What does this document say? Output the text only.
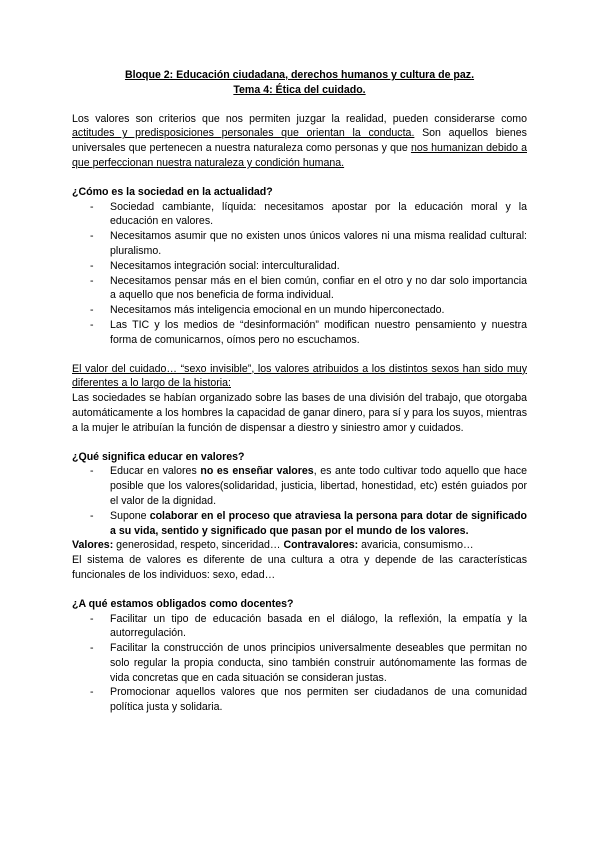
Bloque 2: Educación ciudadana, derechos humanos y cultura de paz.

Tema 4: Ética del cuidado.

Los valores son criterios que nos permiten juzgar la realidad, pueden considerarse como actitudes y predisposiciones personales que orientan la conducta. Son aquellos bienes universales que pertenecen a nuestra naturaleza como personas y que nos humanizan debido a que perfeccionan nuestra naturaleza y condición humana.

¿Cómo es la sociedad en la actualidad?
- Sociedad cambiante, líquida: necesitamos apostar por la educación moral y la educación en valores.
- Necesitamos asumir que no existen unos únicos valores ni una misma realidad cultural: pluralismo.
- Necesitamos integración social: interculturalidad.
- Necesitamos pensar más en el bien común, confiar en el otro y no dar solo importancia a aquello que nos beneficia de forma individual.
- Necesitamos más inteligencia emocional en un mundo hiperconectado.
- Las TIC y los medios de “desinformación” modifican nuestro pensamiento y nuestra forma de comunicarnos, oímos pero no escuchamos.

El valor del cuidado… “sexo invisible”, los valores atribuidos a los distintos sexos han sido muy diferentes a lo largo de la historia:

Las sociedades se habían organizado sobre las bases de una división del trabajo, que otorgaba automáticamente a los hombres la capacidad de ganar dinero, para sí y para los suyos, mientras a la mujer le atribuían la función de dispensar a diestro y siniestro amor y cuidados.

¿Qué significa educar en valores?
- Educar en valores no es enseñar valores, es ante todo cultivar todo aquello que hace posible que los valores(solidaridad, justicia, libertad, honestidad, etc) estén guiados por el valor de la dignidad.
- Supone colaborar en el proceso que atraviesa la persona para dotar de significado a su vida, sentido y significado que pasan por el mundo de los valores.

Valores: generosidad, respeto, sinceridad… Contravalores: avaricia, consumismo…

El sistema de valores es diferente de una cultura a otra y depende de las características funcionales de los individuos: sexo, edad…

¿A qué estamos obligados como docentes?
- Facilitar un tipo de educación basada en el diálogo, la reflexión, la empatía y la autorregulación.
- Facilitar la construcción de unos principios universalmente deseables que permitan no solo regular la propia conducta, sino también construir autónomamente las formas de vida concretas que en cada situación se consideran justas.
- Promocionar aquellos valores que nos permiten ser ciudadanos de una comunidad política justa y solidaria.
